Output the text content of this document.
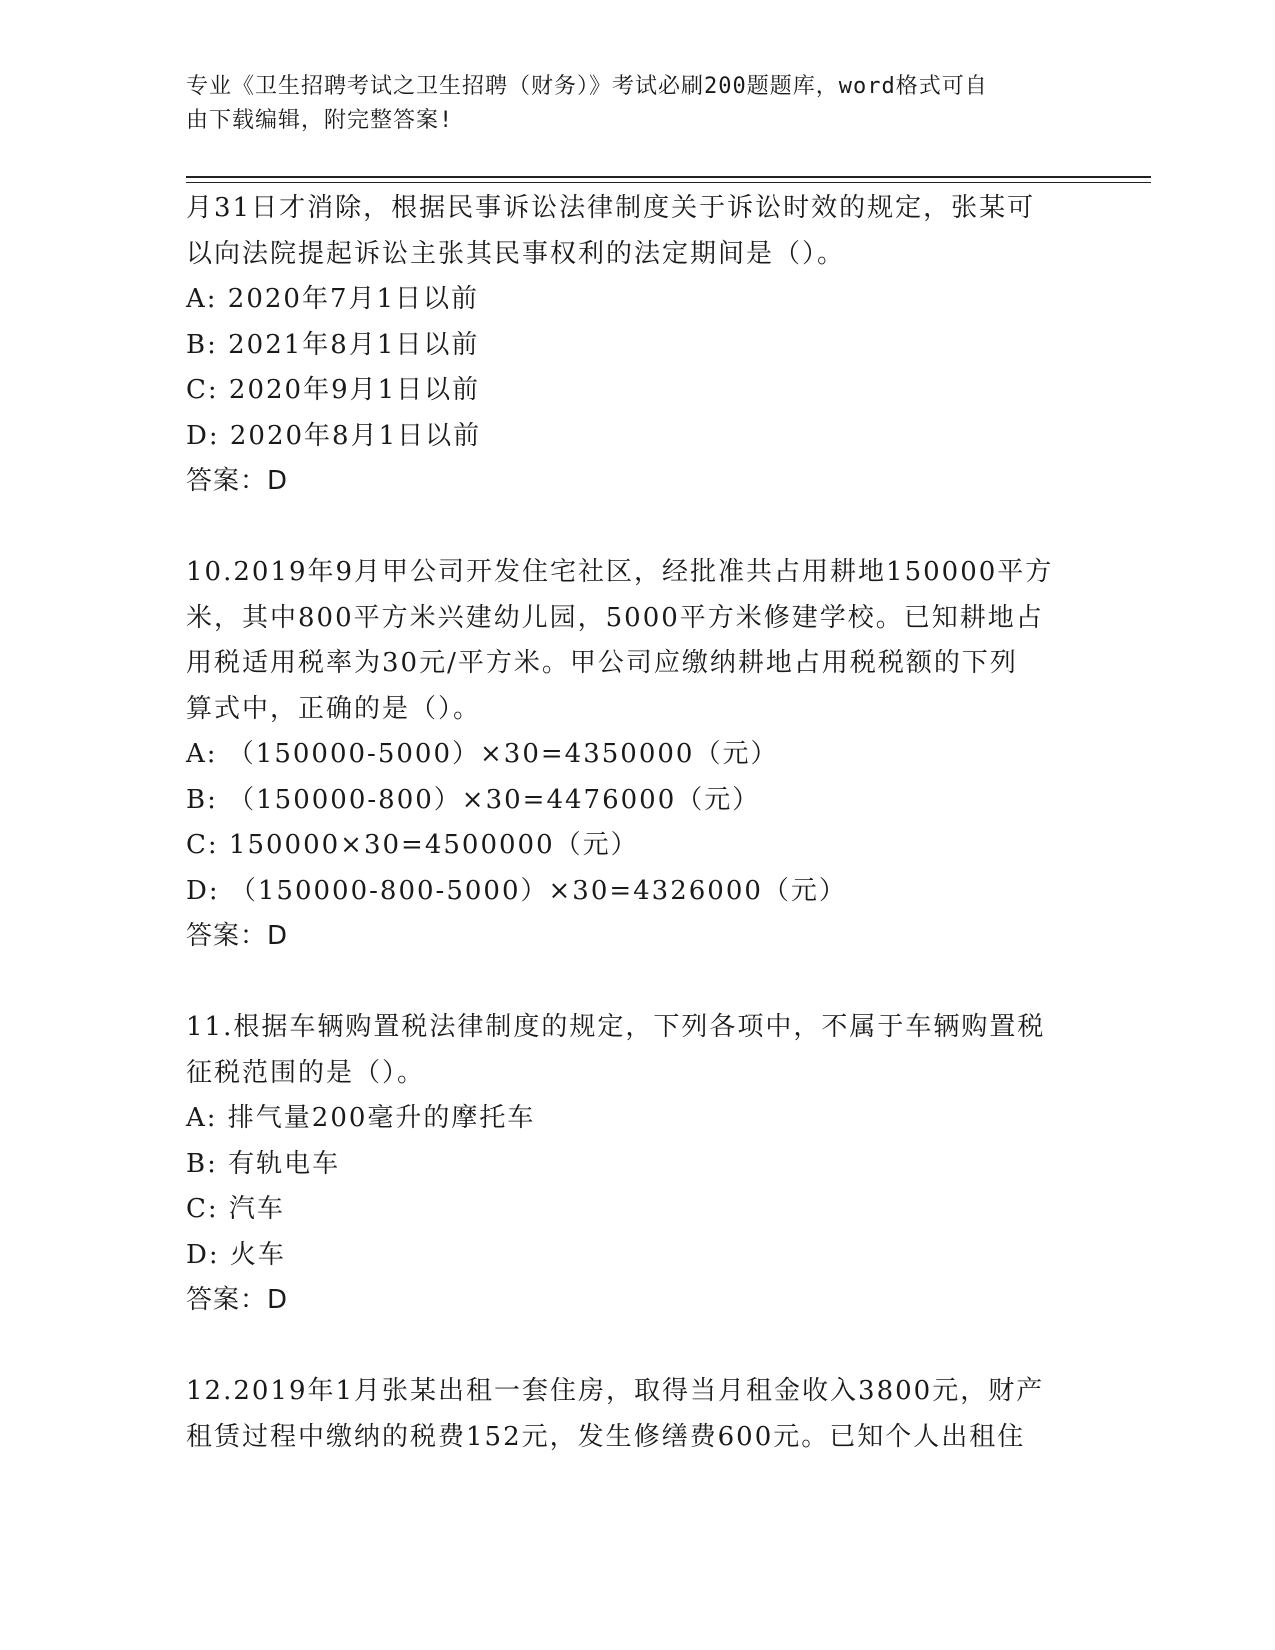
专业《卫生招聘考试之卫生招聘（财务）》考试必刷200题题库，word格式可自
由下载编辑，附完整答案!
月31日才消除，根据民事诉讼法律制度关于诉讼时效的规定，张某可
以向法院提起诉讼主张其民事权利的法定期间是（）。
A: 2020年7月1日以前
B: 2021年8月1日以前
C: 2020年9月1日以前
D: 2020年8月1日以前
答案：D
10.2019年9月甲公司开发住宅社区，经批准共占用耕地150000平方
米，其中800平方米兴建幼儿园，5000平方米修建学校。已知耕地占
用税适用税率为30元/平方米。甲公司应缴纳耕地占用税税额的下列
算式中，正确的是（）。
A: （150000-5000）×30=4350000（元）
B: （150000-800）×30=4476000（元）
C: 150000×30=4500000（元）
D: （150000-800-5000）×30=4326000（元）
答案：D
11.根据车辆购置税法律制度的规定，下列各项中，不属于车辆购置税
征税范围的是（）。
A: 排气量200毫升的摩托车
B: 有轨电车
C: 汽车
D: 火车
答案：D
12.2019年1月张某出租一套住房，取得当月租金收入3800元，财产
租赁过程中缴纳的税费152元，发生修缮费600元。已知个人出租住
